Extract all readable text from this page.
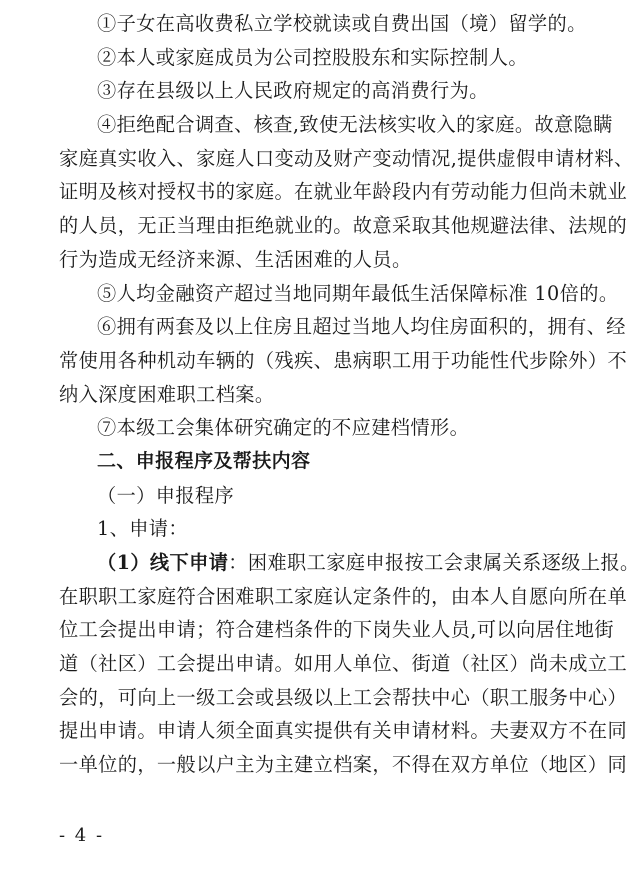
①子女在高收费私立学校就读或自费出国（境）留学的。
②本人或家庭成员为公司控股股东和实际控制人。
③存在县级以上人民政府规定的高消费行为。
④拒绝配合调查、核查,致使无法核实收入的家庭。故意隐瞒
家庭真实收入、家庭人口变动及财产变动情况,提供虚假申请材料、
证明及核对授权书的家庭。在就业年龄段内有劳动能力但尚未就业
的人员，无正当理由拒绝就业的。故意采取其他规避法律、法规的
行为造成无经济来源、生活困难的人员。
⑤人均金融资产超过当地同期年最低生活保障标准 10倍的。
⑥拥有两套及以上住房且超过当地人均住房面积的，拥有、经
常使用各种机动车辆的（残疾、患病职工用于功能性代步除外）不
纳入深度困难职工档案。
⑦本级工会集体研究确定的不应建档情形。
二、申报程序及帮扶内容
（一）申报程序
1、申请：
（1）线下申请：困难职工家庭申报按工会隶属关系逐级上报。
在职职工家庭符合困难职工家庭认定条件的，由本人自愿向所在单
位工会提出申请；符合建档条件的下岗失业人员,可以向居住地街
道（社区）工会提出申请。如用人单位、街道（社区）尚未成立工
会的，可向上一级工会或县级以上工会帮扶中心（职工服务中心）
提出申请。申请人须全面真实提供有关申请材料。夫妻双方不在同
一单位的，一般以户主为主建立档案，不得在双方单位（地区）同
- 4 -
